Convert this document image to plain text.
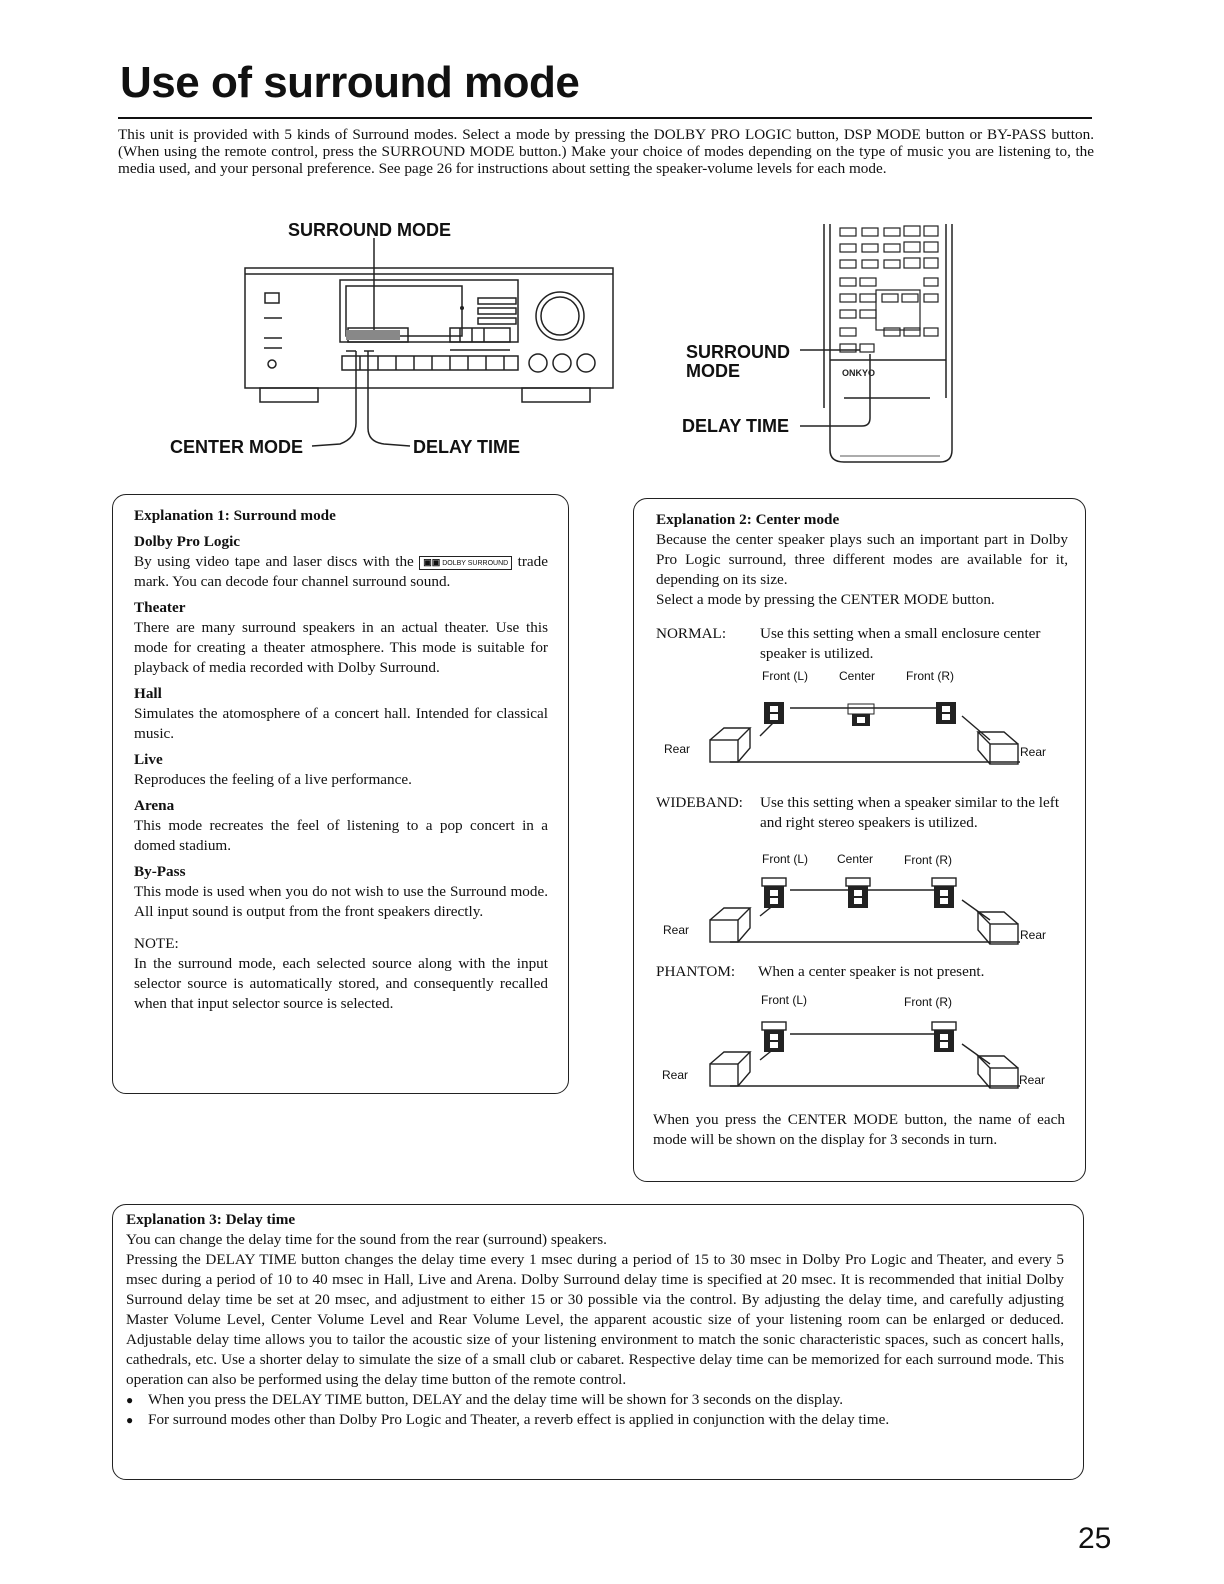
Use of surround mode
This unit is provided with 5 kinds of Surround modes. Select a mode by pressing the DOLBY PRO LOGIC button, DSP MODE button or BY-PASS button. (When using the remote control, press the SURROUND MODE button.) Make your choice of modes depending on the type of music you are listening to, the media used, and your personal preference. See page 26 for instructions about setting the speaker-volume levels for each mode.
SURROUND MODE
CENTER MODE	DELAY TIME
ONKYO
SURROUND
MODE
DELAY TIME
Explanation 1: Surround mode
Dolby Pro Logic

By using video tape and laser discs with the ▣▣ DOLBY SURROUND trade mark. You can decode four channel surround sound.

Theater

There are many surround speakers in an actual theater. Use this mode for creating a theater atmosphere. This mode is suitable for playback of media recorded with Dolby Surround.

Hall

Simulates the atomosphere of a concert hall. Intended for classical music.

Live

Reproduces the feeling of a live performance.

Arena

This mode recreates the feel of listening to a pop concert in a domed stadium.

By-Pass

This mode is used when you do not wish to use the Surround mode. All input sound is output from the front speakers directly.

NOTE:

In the surround mode, each selected source along with the input selector source is automatically stored, and consequently recalled when that input selector source is selected.

Explanation 2: Center mode

Because the center speaker plays such an important part in Dolby Pro Logic surround, three different modes are available for it, depending on its size.

Select a mode by pressing the CENTER MODE button.

NORMAL: Use this setting when a small enclosure center speaker is utilized.
Front (L)	Center	Front (R)
Rear	Rear
WIDEBAND: Use this setting when a speaker similar to the left and right stereo speakers is utilized.
Front (L) Center	Front (R)
Rear	Rear
PHANTOM: When a center speaker is not present.
Front (L)	Front (R)
Rear	Rear

When you press the CENTER MODE button, the name of each mode will be shown on the display for 3 seconds in turn.

Explanation 3: Delay time

You can change the delay time for the sound from the rear (surround) speakers.

Pressing the DELAY TIME button changes the delay time every 1 msec during a period of 15 to 30 msec in Dolby Pro Logic and Theater, and every 5 msec during a period of 10 to 40 msec in Hall, Live and Arena. Dolby Surround delay time is specified at 20 msec. It is recommended that initial Dolby Surround delay time be set at 20 msec, and adjustment to either 15 or 30 possible via the control. By adjusting the delay time, and carefully adjusting Master Volume Level, Center Volume Level and Rear Volume Level, the apparent acoustic size of your listening room can be enlarged or deduced. Adjustable delay time allows you to tailor the acoustic size of your listening environment to match the sonic characteristic spaces, such as concert halls, cathedrals, etc. Use a shorter delay to simulate the size of a small club or cabaret. Respective delay time can be memorized for each surround mode. This operation can also be performed using the delay time button of the remote control.

● When you press the DELAY TIME button, DELAY and the delay time will be shown for 3 seconds on the display.
● For surround modes other than Dolby Pro Logic and Theater, a reverb effect is applied in conjunction with the delay time.
25
